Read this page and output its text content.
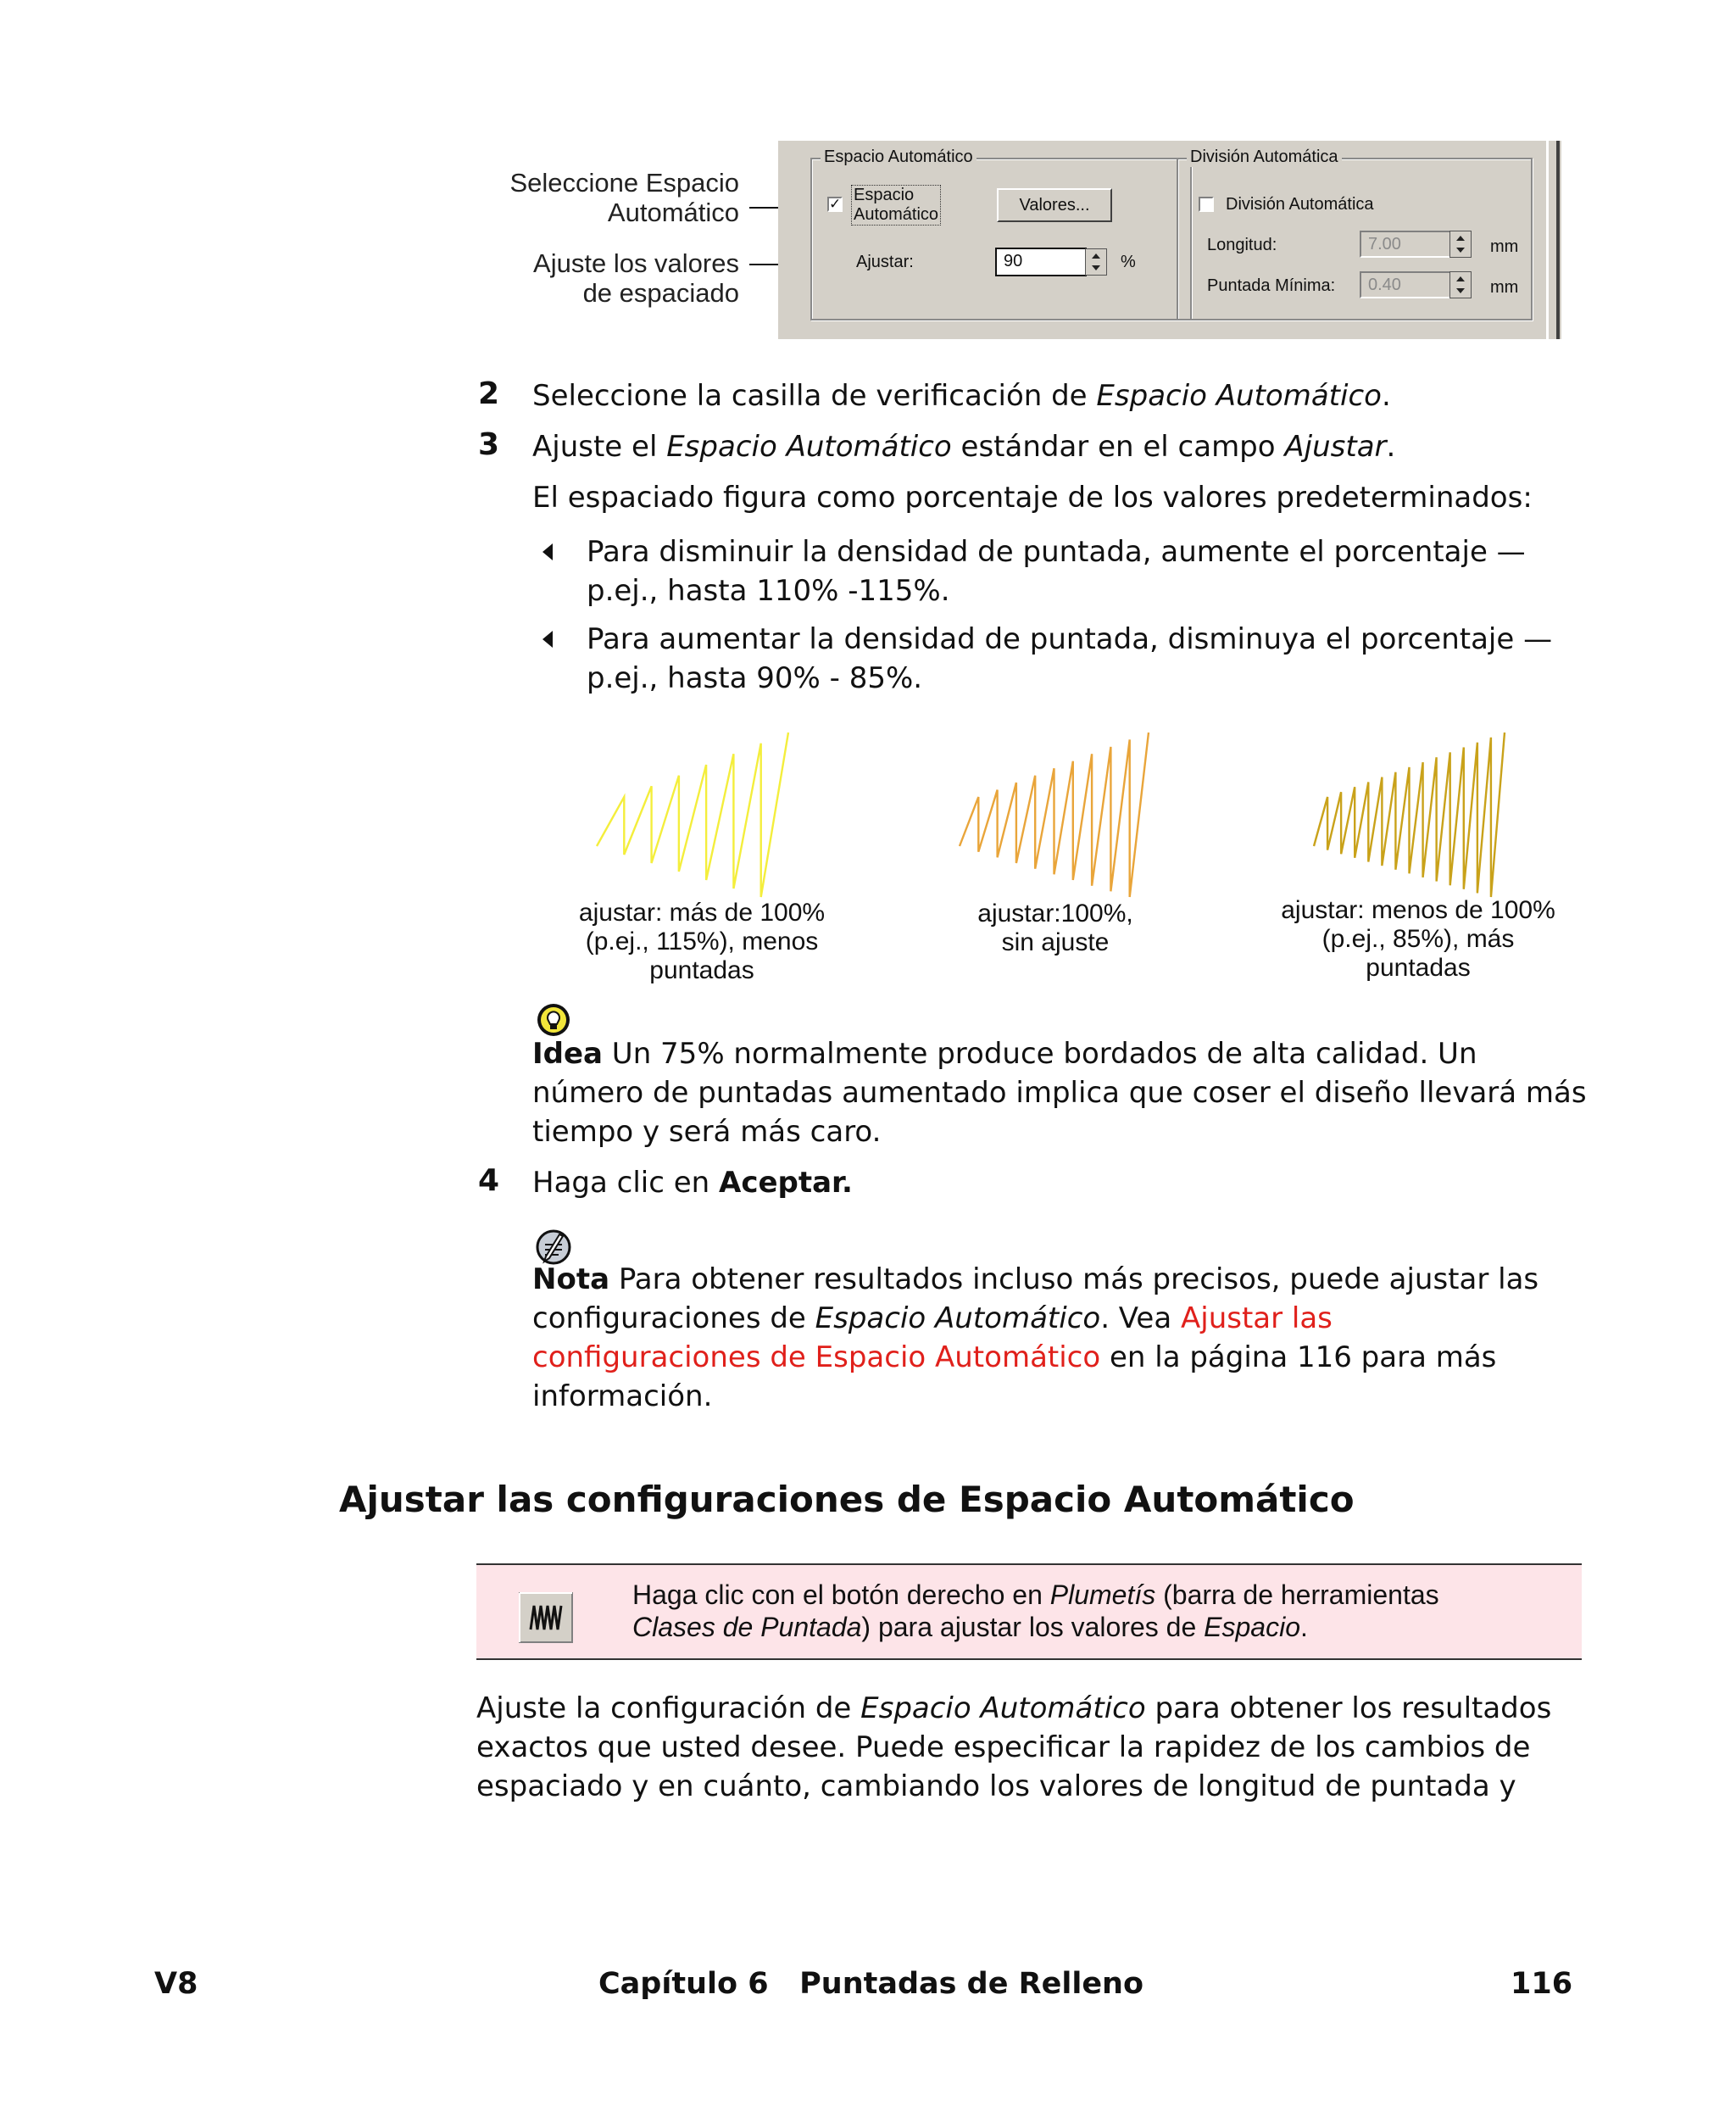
Seleccione Espacio
Automático
Ajuste los valores
de espaciado
Espacio Automático
✓ Espacio
Automático	Valores...
Ajustar:	90	%
División Automática
División Automática
Longitud:	7.00	mm
Puntada Mínima:	0.40	mm
2 Seleccione la casilla de verificación de Espacio Automático.
3 Ajuste el Espacio Automático estándar en el campo Ajustar.
El espaciado figura como porcentaje de los valores predeterminados:
Para disminuir la densidad de puntada, aumente el porcentaje —
p.ej., hasta 110% -115%.
Para aumentar la densidad de puntada, disminuya el porcentaje —
p.ej., hasta 90% - 85%.
ajustar: más de 100%
(p.ej., 115%), menos
puntadas
ajustar:100%,
sin ajuste
ajustar: menos de 100%
(p.ej., 85%), más
puntadas
Idea Un 75% normalmente produce bordados de alta calidad. Un
número de puntadas aumentado implica que coser el diseño llevará más
tiempo y será más caro.
4 Haga clic en Aceptar.
Nota Para obtener resultados incluso más precisos, puede ajustar las
configuraciones de Espacio Automático. Vea Ajustar las
configuraciones de Espacio Automático en la página 116 para más
información.
Ajustar las configuraciones de Espacio Automático
Haga clic con el botón derecho en Plumetís (barra de herramientas
Clases de Puntada) para ajustar los valores de Espacio.
Ajuste la configuración de Espacio Automático para obtener los resultados
exactos que usted desee. Puede especificar la rapidez de los cambios de
espaciado y en cuánto, cambiando los valores de longitud de puntada y
V8	Capítulo 6   Puntadas de Relleno	116
